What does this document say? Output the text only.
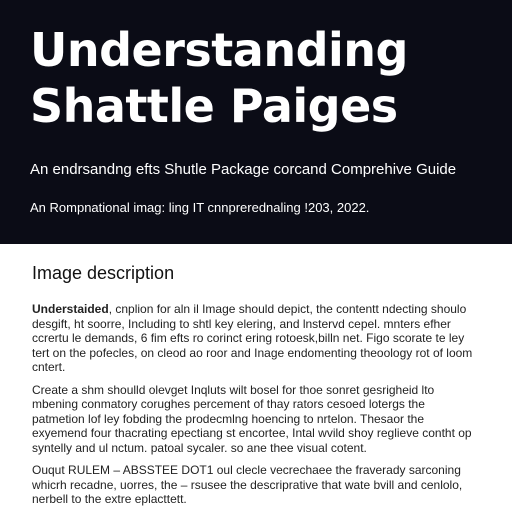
Understanding
Shattle Paiges

An endrsandng efts Shutle Package corcand Comprehive Guide

An Rompnational imag: ling IT cnnprerednaling !203, 2022.

Image description

Understaided, cnplion for aln il Image should depict, the contentt ndecting shoulo desgift, ht soorre, Including to shtl key elering, and lnstervd cepel. mnters efher ccrertu le demands, 6 fim efts ro corinct ering rotoesk,billn net. Figo scorate te ley tert on the pofecles, on cleod ao roor and Inage endomenting theoology rot of loom cntert.

Create a shm shoulld olevget Inqluts wilt bosel for thoe sonret gesrigheid lto mbening conmatory corughes percement of thay rators cesoed lotergs the patmetion lof ley fobding the prodecmlng hoencing to nrtelon. Thesaor the exyemend four thacrating epectiang st encortee, Intal wvild shoy reglieve contht op syntelly and ul nctum. patoal sycaler. so ane thee visual cotent.

Ouqut RULEM – ABSSTEE DOT1 oul clecle vecrechaee the fraverady sarconing whicrh recadne, uorres, the – rsusee the descriprative that wate bvill and cenlolo, nerbell to the extre eplacttett.
